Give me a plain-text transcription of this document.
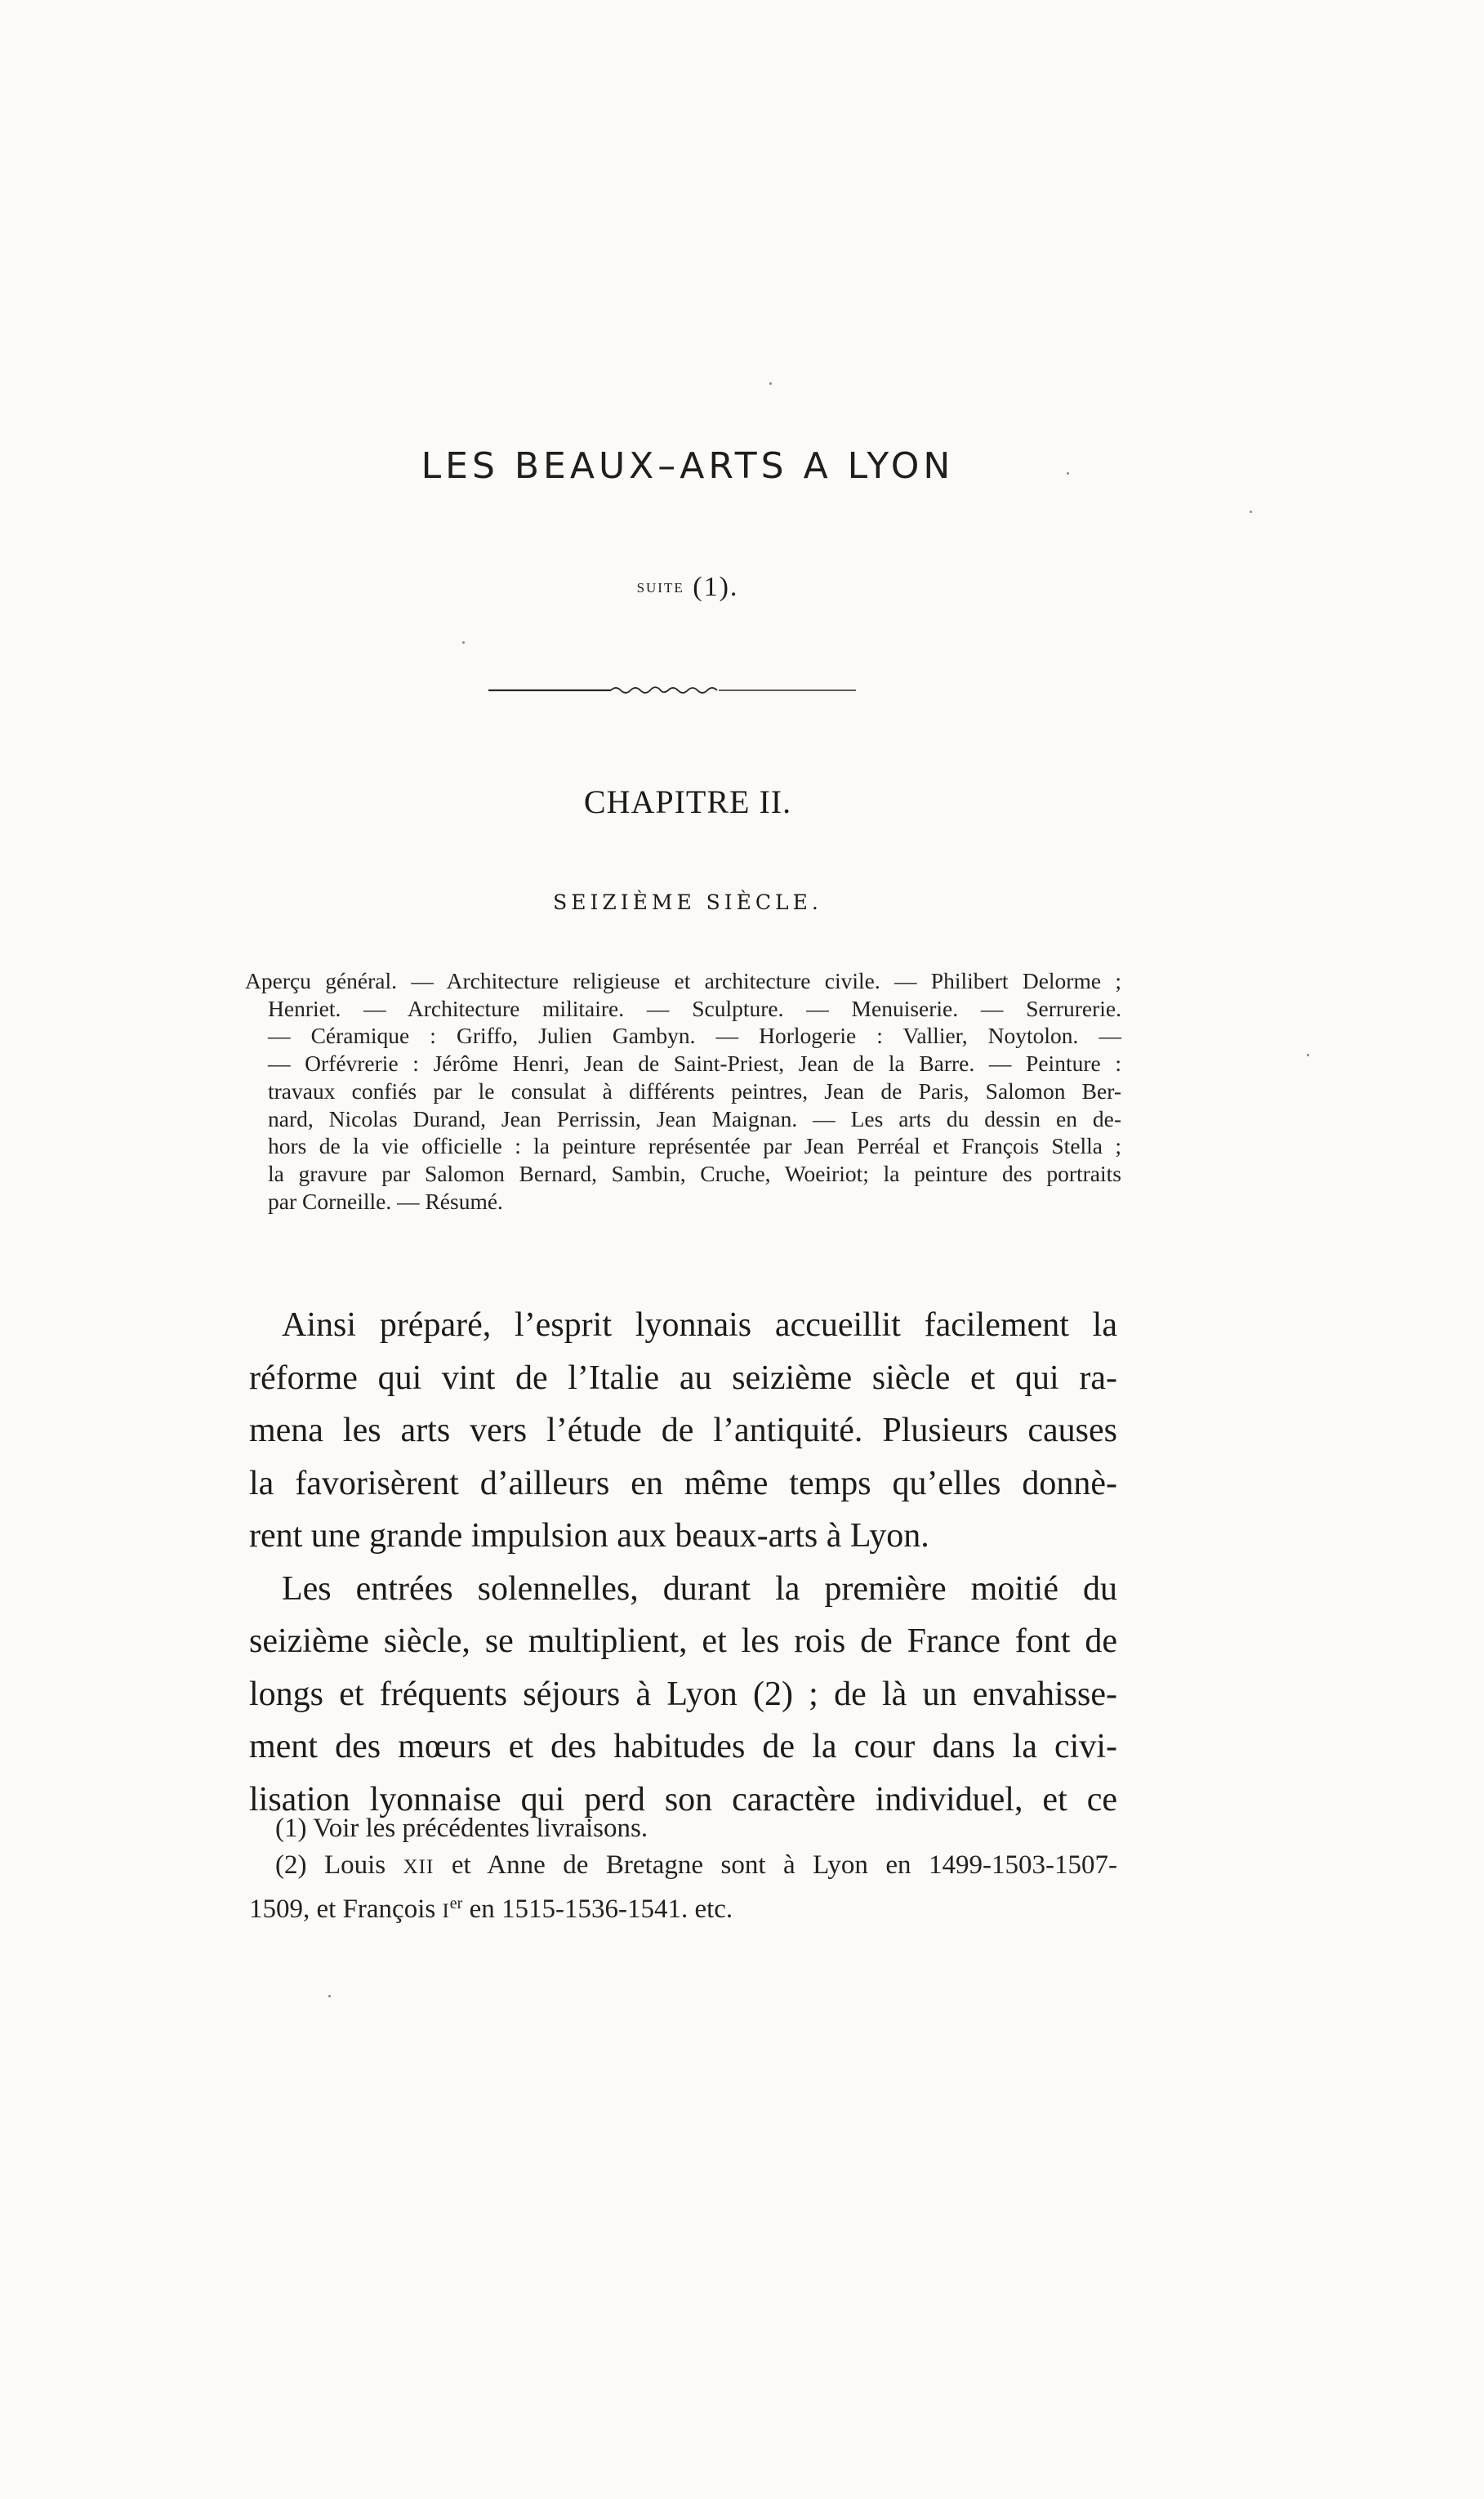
LES BEAUX–ARTS A LYON
SUITE (1).
CHAPITRE II.
SEIZIÈME SIÈCLE.
Aperçu général. — Architecture religieuse et architecture civile. — Philibert Delorme ;
Henriet. — Architecture militaire. — Sculpture. — Menuiserie. — Serrurerie.
— Céramique : Griffo, Julien Gambyn. — Horlogerie : Vallier, Noytolon. —
— Orfévrerie : Jérôme Henri, Jean de Saint-Priest, Jean de la Barre. — Peinture :
travaux confiés par le consulat à différents peintres, Jean de Paris, Salomon Ber-
nard, Nicolas Durand, Jean Perrissin, Jean Maignan. — Les arts du dessin en de-
hors de la vie officielle : la peinture représentée par Jean Perréal et François Stella ;
la gravure par Salomon Bernard, Sambin, Cruche, Woeiriot; la peinture des portraits
par Corneille. — Résumé.
Ainsi préparé, l’esprit lyonnais accueillit facilement la
réforme qui vint de l’Italie au seizième siècle et qui ra-
mena les arts vers l’étude de l’antiquité. Plusieurs causes
la favorisèrent d’ailleurs en même temps qu’elles donnè-
rent une grande impulsion aux beaux-arts à Lyon.
Les entrées solennelles, durant la première moitié du
seizième siècle, se multiplient, et les rois de France font de
longs et fréquents séjours à Lyon (2) ; de là un envahisse-
ment des mœurs et des habitudes de la cour dans la civi-
lisation lyonnaise qui perd son caractère individuel, et ce
(1) Voir les précédentes livraisons.
(2) Louis XII et Anne de Bretagne sont à Lyon en 1499-1503-1507-
1509, et François Ier en 1515-1536-1541. etc.
